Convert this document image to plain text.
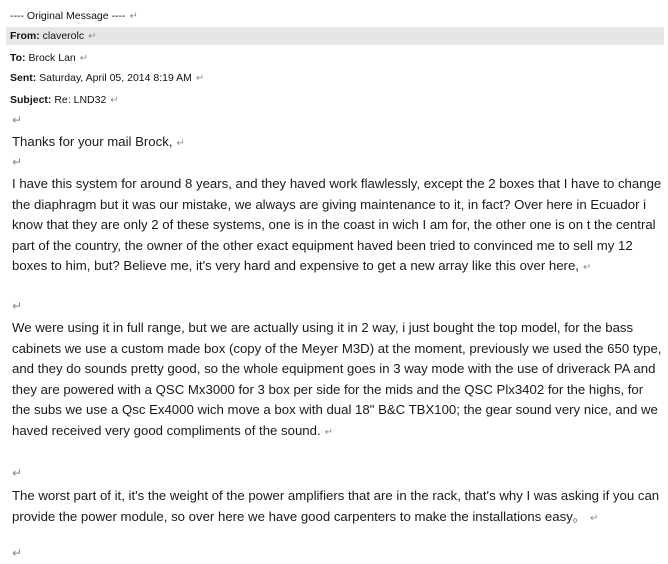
---- Original Message ---- ↵
From: claverolc ↵
To: Brock Lan ↵
Sent: Saturday, April 05, 2014 8:19 AM ↵
Subject: Re: LND32 ↵
↵
Thanks for your mail Brock, ↵
↵
I have this system for around 8 years, and they haved work flawlessly, except the 2 boxes that I have to change the diaphragm but it was our mistake, we always are giving maintenance to it, in fact? Over here in Ecuador i know that they are only 2 of these systems, one is in the coast in wich I am for, the other one is on t the central part of the country, the owner of the other exact equipment haved been tried to convinced me to sell my 12 boxes to him, but? Believe me, it's very hard and expensive to get a new array like this over here, ↵
↵
We were using it in full range, but we are actually using it in 2 way, i just bought the top model, for the bass cabinets we use a custom made box (copy of the Meyer M3D) at the moment, previously we used the 650 type, and they do sounds pretty good, so the whole equipment goes in 3 way mode with the use of driverack PA and they are powered with a QSC Mx3000 for 3 box per side for the mids and the QSC Plx3402 for the highs, for the subs we use a Qsc Ex4000 wich move a box with dual 18" B&C TBX100; the gear sound very nice, and we haved received very good compliments of the sound. ↵
↵
The worst part of it, it's the weight of the power amplifiers that are in the rack, that's why I was asking if you can provide the power module, so over here we have good carpenters to make the installations easy。 ↵
↵
